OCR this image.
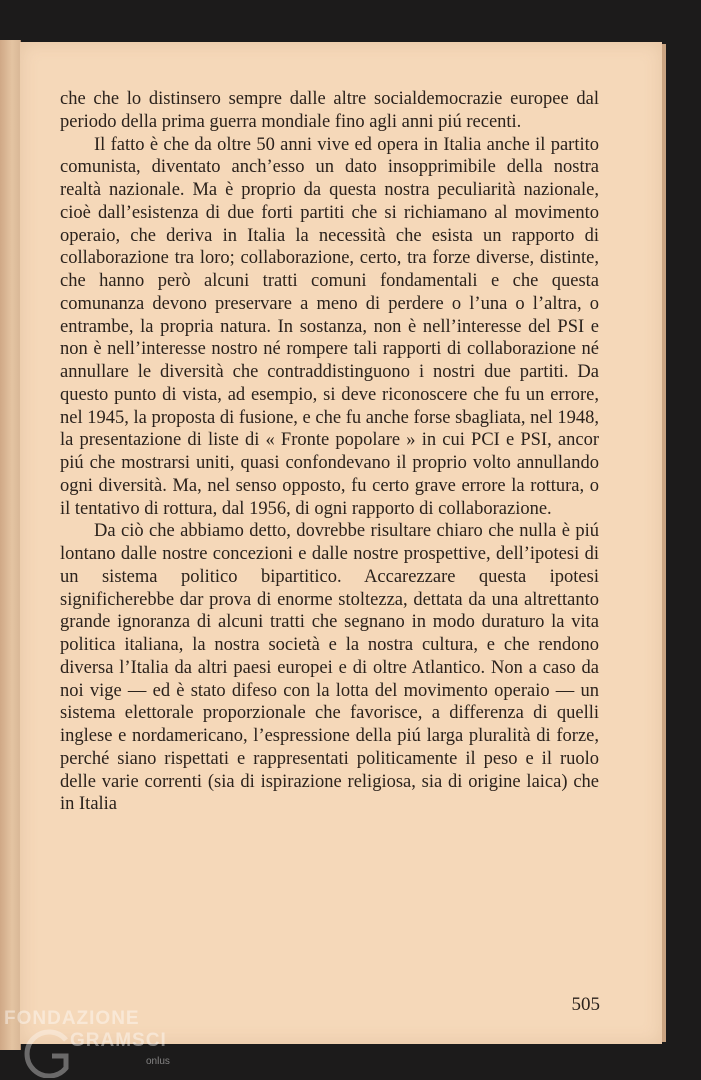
che che lo distinsero sempre dalle altre socialdemocrazie europee dal periodo della prima guerra mondiale fino agli anni piú recenti.

Il fatto è che da oltre 50 anni vive ed opera in Italia anche il partito comunista, diventato anch’esso un dato insopprimibile della nostra realtà nazionale. Ma è proprio da questa nostra peculiarità nazionale, cioè dall’esistenza di due forti partiti che si richiamano al movimento operaio, che deriva in Italia la necessità che esista un rapporto di collaborazione tra loro; collaborazione, certo, tra forze diverse, distinte, che hanno però alcuni tratti comuni fondamentali e che questa comunanza devono preservare a meno di perdere o l’una o l’altra, o entrambe, la propria natura. In sostanza, non è nell’interesse del PSI e non è nell’interesse nostro né rompere tali rapporti di collaborazione né annullare le diversità che contraddistinguono i nostri due partiti. Da questo punto di vista, ad esempio, si deve riconoscere che fu un errore, nel 1945, la proposta di fusione, e che fu anche forse sbagliata, nel 1948, la presentazione di liste di « Fronte popolare » in cui PCI e PSI, ancor piú che mostrarsi uniti, quasi confondevano il proprio volto annullando ogni diversità. Ma, nel senso opposto, fu certo grave errore la rottura, o il tentativo di rottura, dal 1956, di ogni rapporto di collaborazione.

Da ciò che abbiamo detto, dovrebbe risultare chiaro che nulla è piú lontano dalle nostre concezioni e dalle nostre prospettive, dell’ipotesi di un sistema politico bipartitico. Accarezzare questa ipotesi significherebbe dar prova di enorme stoltezza, dettata da una altrettanto grande ignoranza di alcuni tratti che segnano in modo duraturo la vita politica italiana, la nostra società e la nostra cultura, e che rendono diversa l’Italia da altri paesi europei e di oltre Atlantico. Non a caso da noi vige — ed è stato difeso con la lotta del movimento operaio — un sistema elettorale proporzionale che favorisce, a differenza di quelli inglese e nordamericano, l’espressione della piú larga pluralità di forze, perché siano rispettati e rappresentati politicamente il peso e il ruolo delle varie correnti (sia di ispirazione religiosa, sia di origine laica) che in Italia

505
FONDAZIONE
GRAMSCI
onlus
